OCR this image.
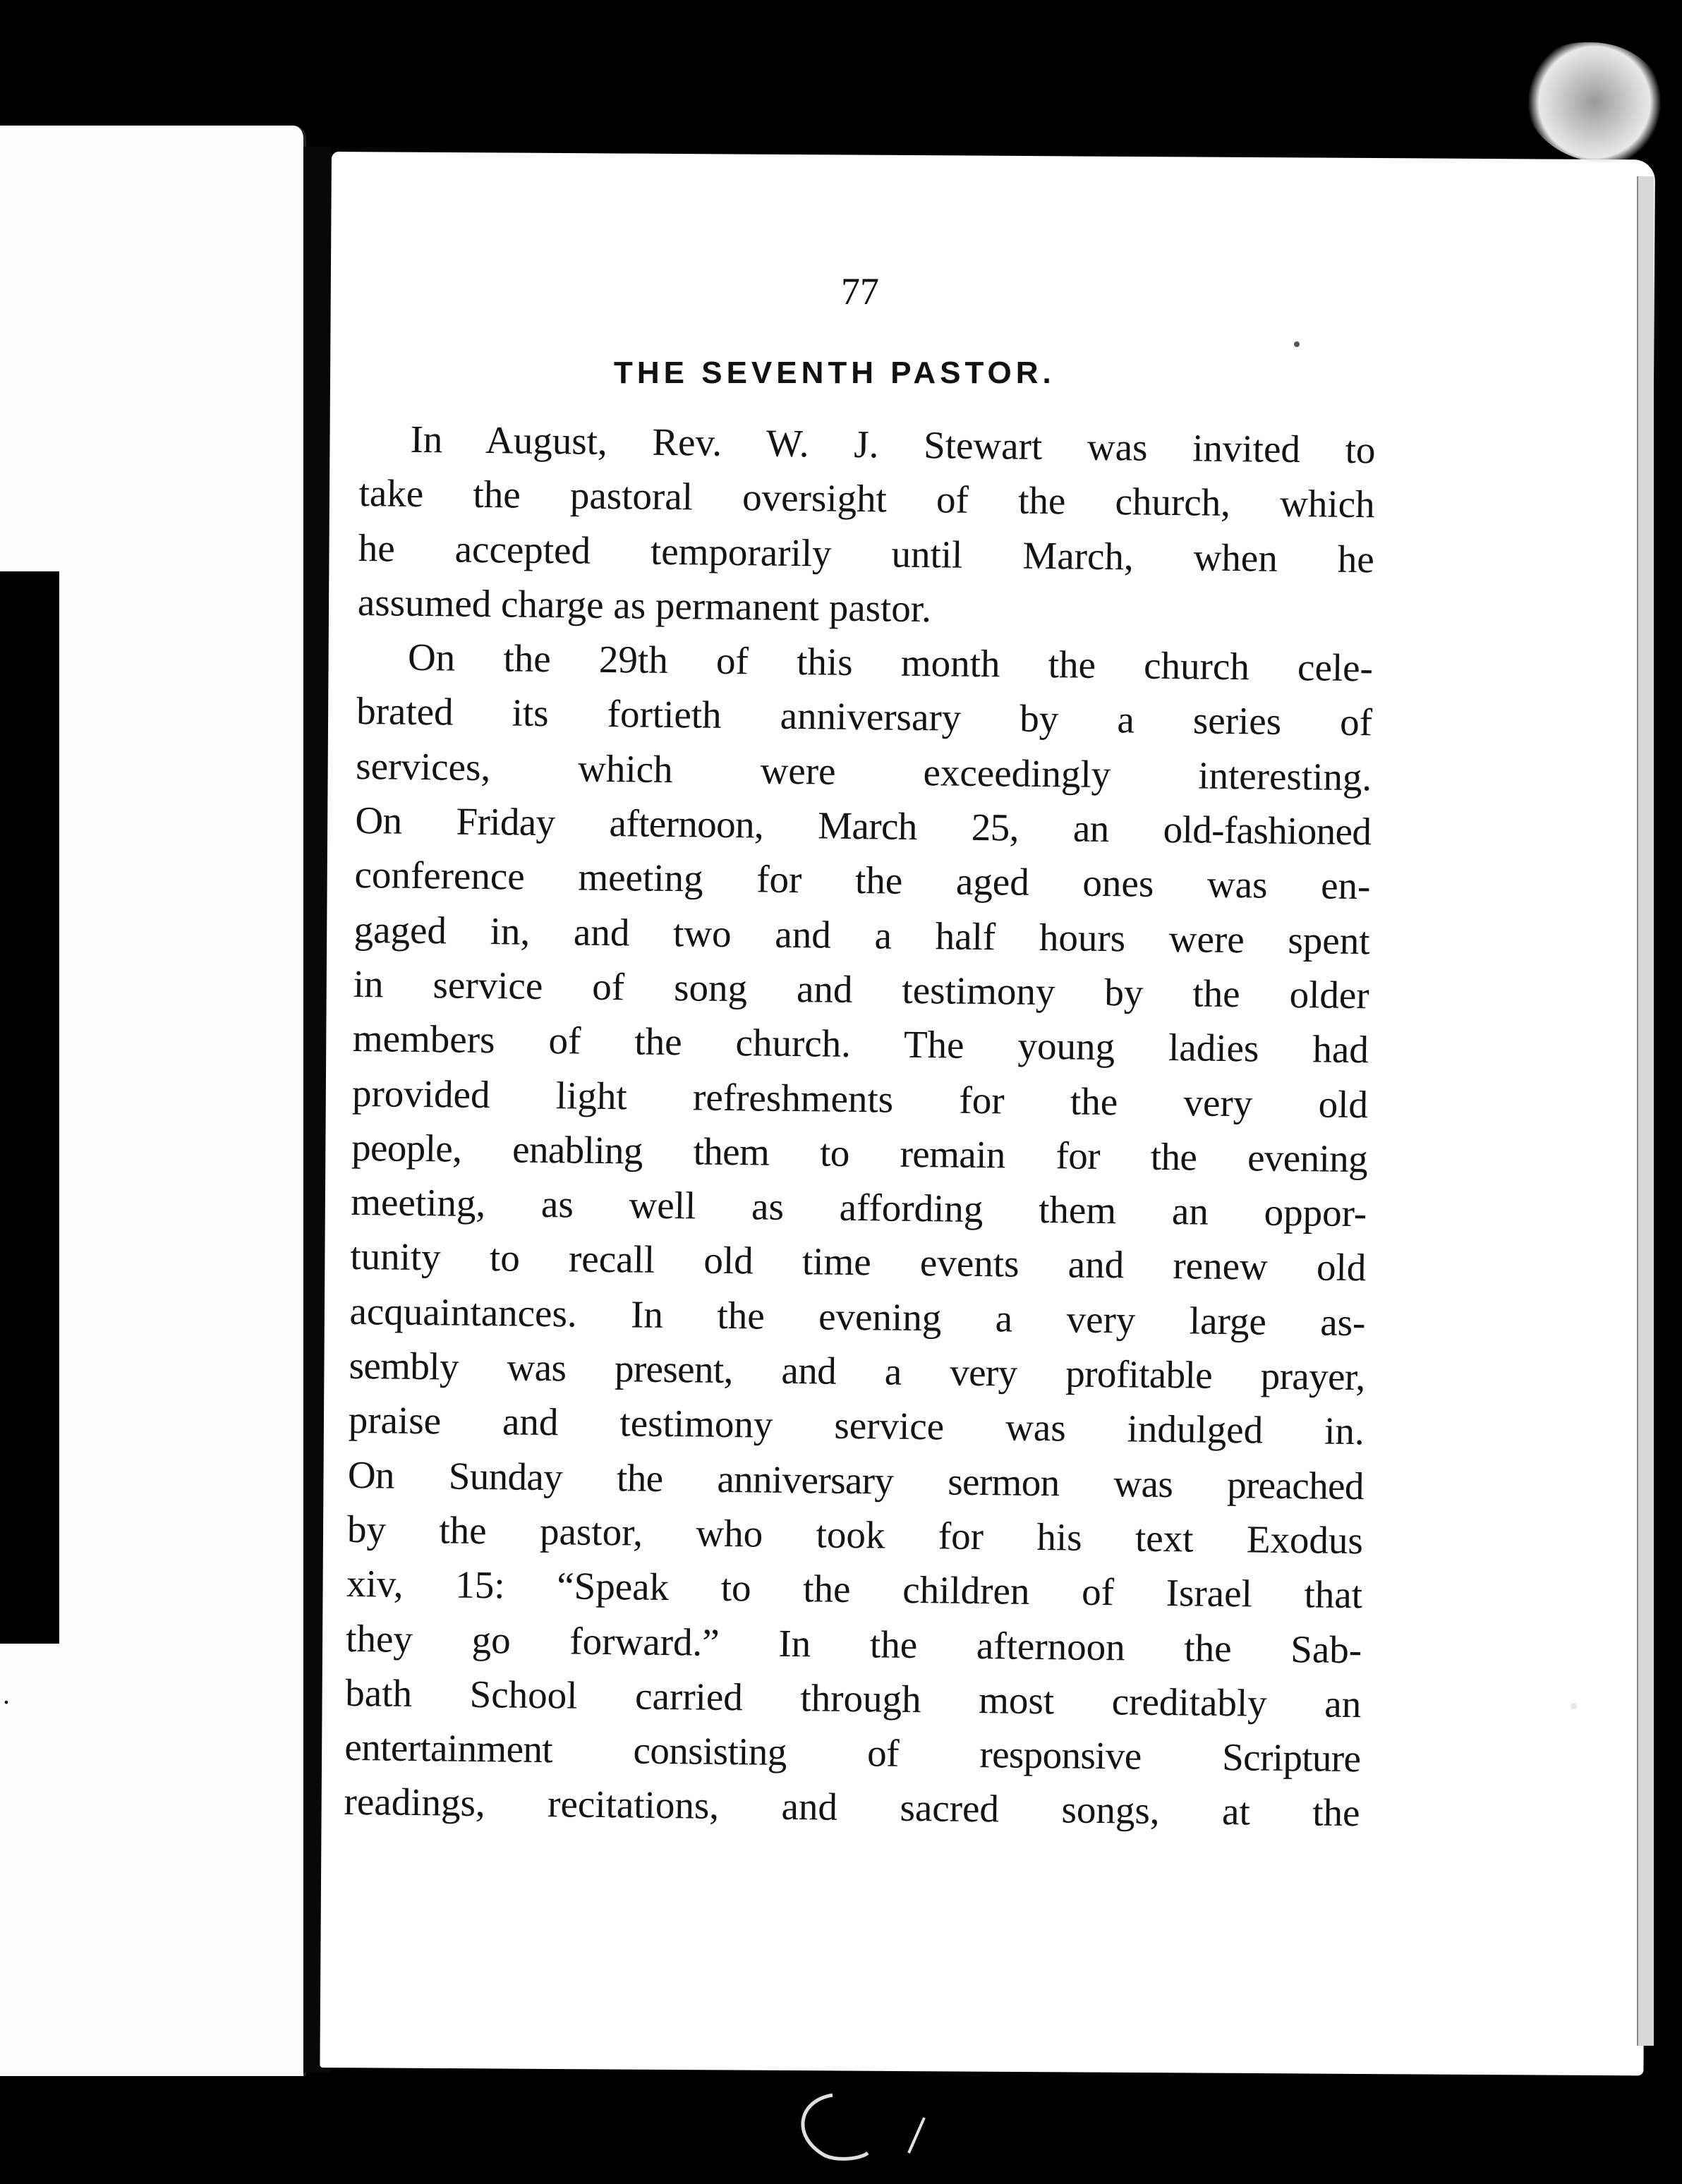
.
77
THE SEVENTH PASTOR.
In August, Rev. W. J. Stewart was invited to
take the pastoral oversight of the church, which
he accepted temporarily until March, when he
assumed charge as permanent pastor.
On the 29th of this month the church cele-
brated its fortieth anniversary by a series of
services, which were exceedingly interesting.
On Friday afternoon, March 25, an old-fashioned
conference meeting for the aged ones was en-
gaged in, and two and a half hours were spent
in service of song and testimony by the older
members of the church. The young ladies had
provided light refreshments for the very old
people, enabling them to remain for the evening
meeting, as well as affording them an oppor-
tunity to recall old time events and renew old
acquaintances. In the evening a very large as-
sembly was present, and a very profitable prayer,
praise and testimony service was indulged in.
On Sunday the anniversary sermon was preached
by the pastor, who took for his text Exodus
xiv, 15: “Speak to the children of Israel that
they go forward.” In the afternoon the Sab-
bath School carried through most creditably an
entertainment consisting of responsive Scripture
readings, recitations, and sacred songs, at the
